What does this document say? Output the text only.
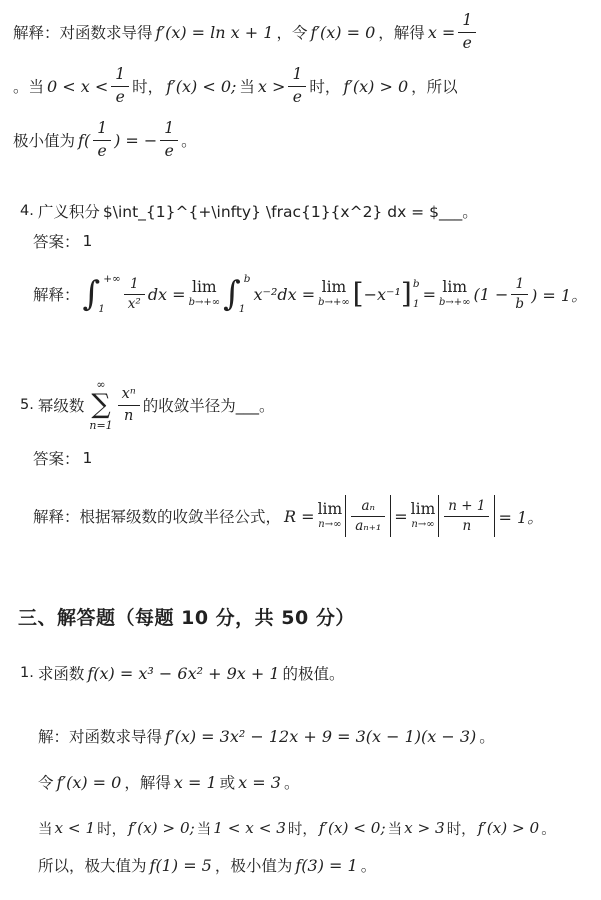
解释：对函数求导得 f′(x) = ln x + 1 ，令 f′(x) = 0 ，解得 $x = \frac{1}{e}$
。当 $0 < x < \frac{1}{e}$ 时， f′(x) < 0; 当 $x > \frac{1}{e}$ 时， f′(x) > 0 ，所以
极小值为 $f( \frac{1}{e}$ ) = − $\frac{1}{e}$ 。
4. 广义积分 $\int_{1}^{+\infty} \frac{1}{x^2} dx = $___。
答案： 1
解释： ∫ +∞
1	$\frac{1}{\text{x²}}$ dx = lim
b→+∞ ∫ b
1
x⁻²dx = lim
b→+∞ [ −x⁻¹ ] b
1
= lim
b→+∞ ($1 - \frac{1}{b}$ ) = 1。
5. 幂级数
∞
∑
n=1
$\frac{\text{xⁿ}}{n}$ 的收敛半径为___。
答案： 1
解释：根据幂级数的收敛半径公式， R = lim
$n\to\infty \frac{\text{aₙ}}{\text{aₙ₊₁}} = \lim$
$n\to\infty \frac{n + 1}{n} = 1$。
三、解答题（每题 10 分，共 50 分）
1. 求函数 f(x) = x³ − 6x² + 9x + 1 的极值。
解：对函数求导得 f′(x) = 3x² − 12x + 9 = 3(x − 1)(x − 3) 。
令 f′(x) = 0 ，解得 x = 1 或 x = 3 。
当 x < 1 时， f′(x) > 0; 当 1 < x < 3 时， f′(x) < 0; 当 x > 3 时， f′(x) > 0 。
所以，极大值为 f(1) = 5 ，极小值为 f(3) = 1 。
